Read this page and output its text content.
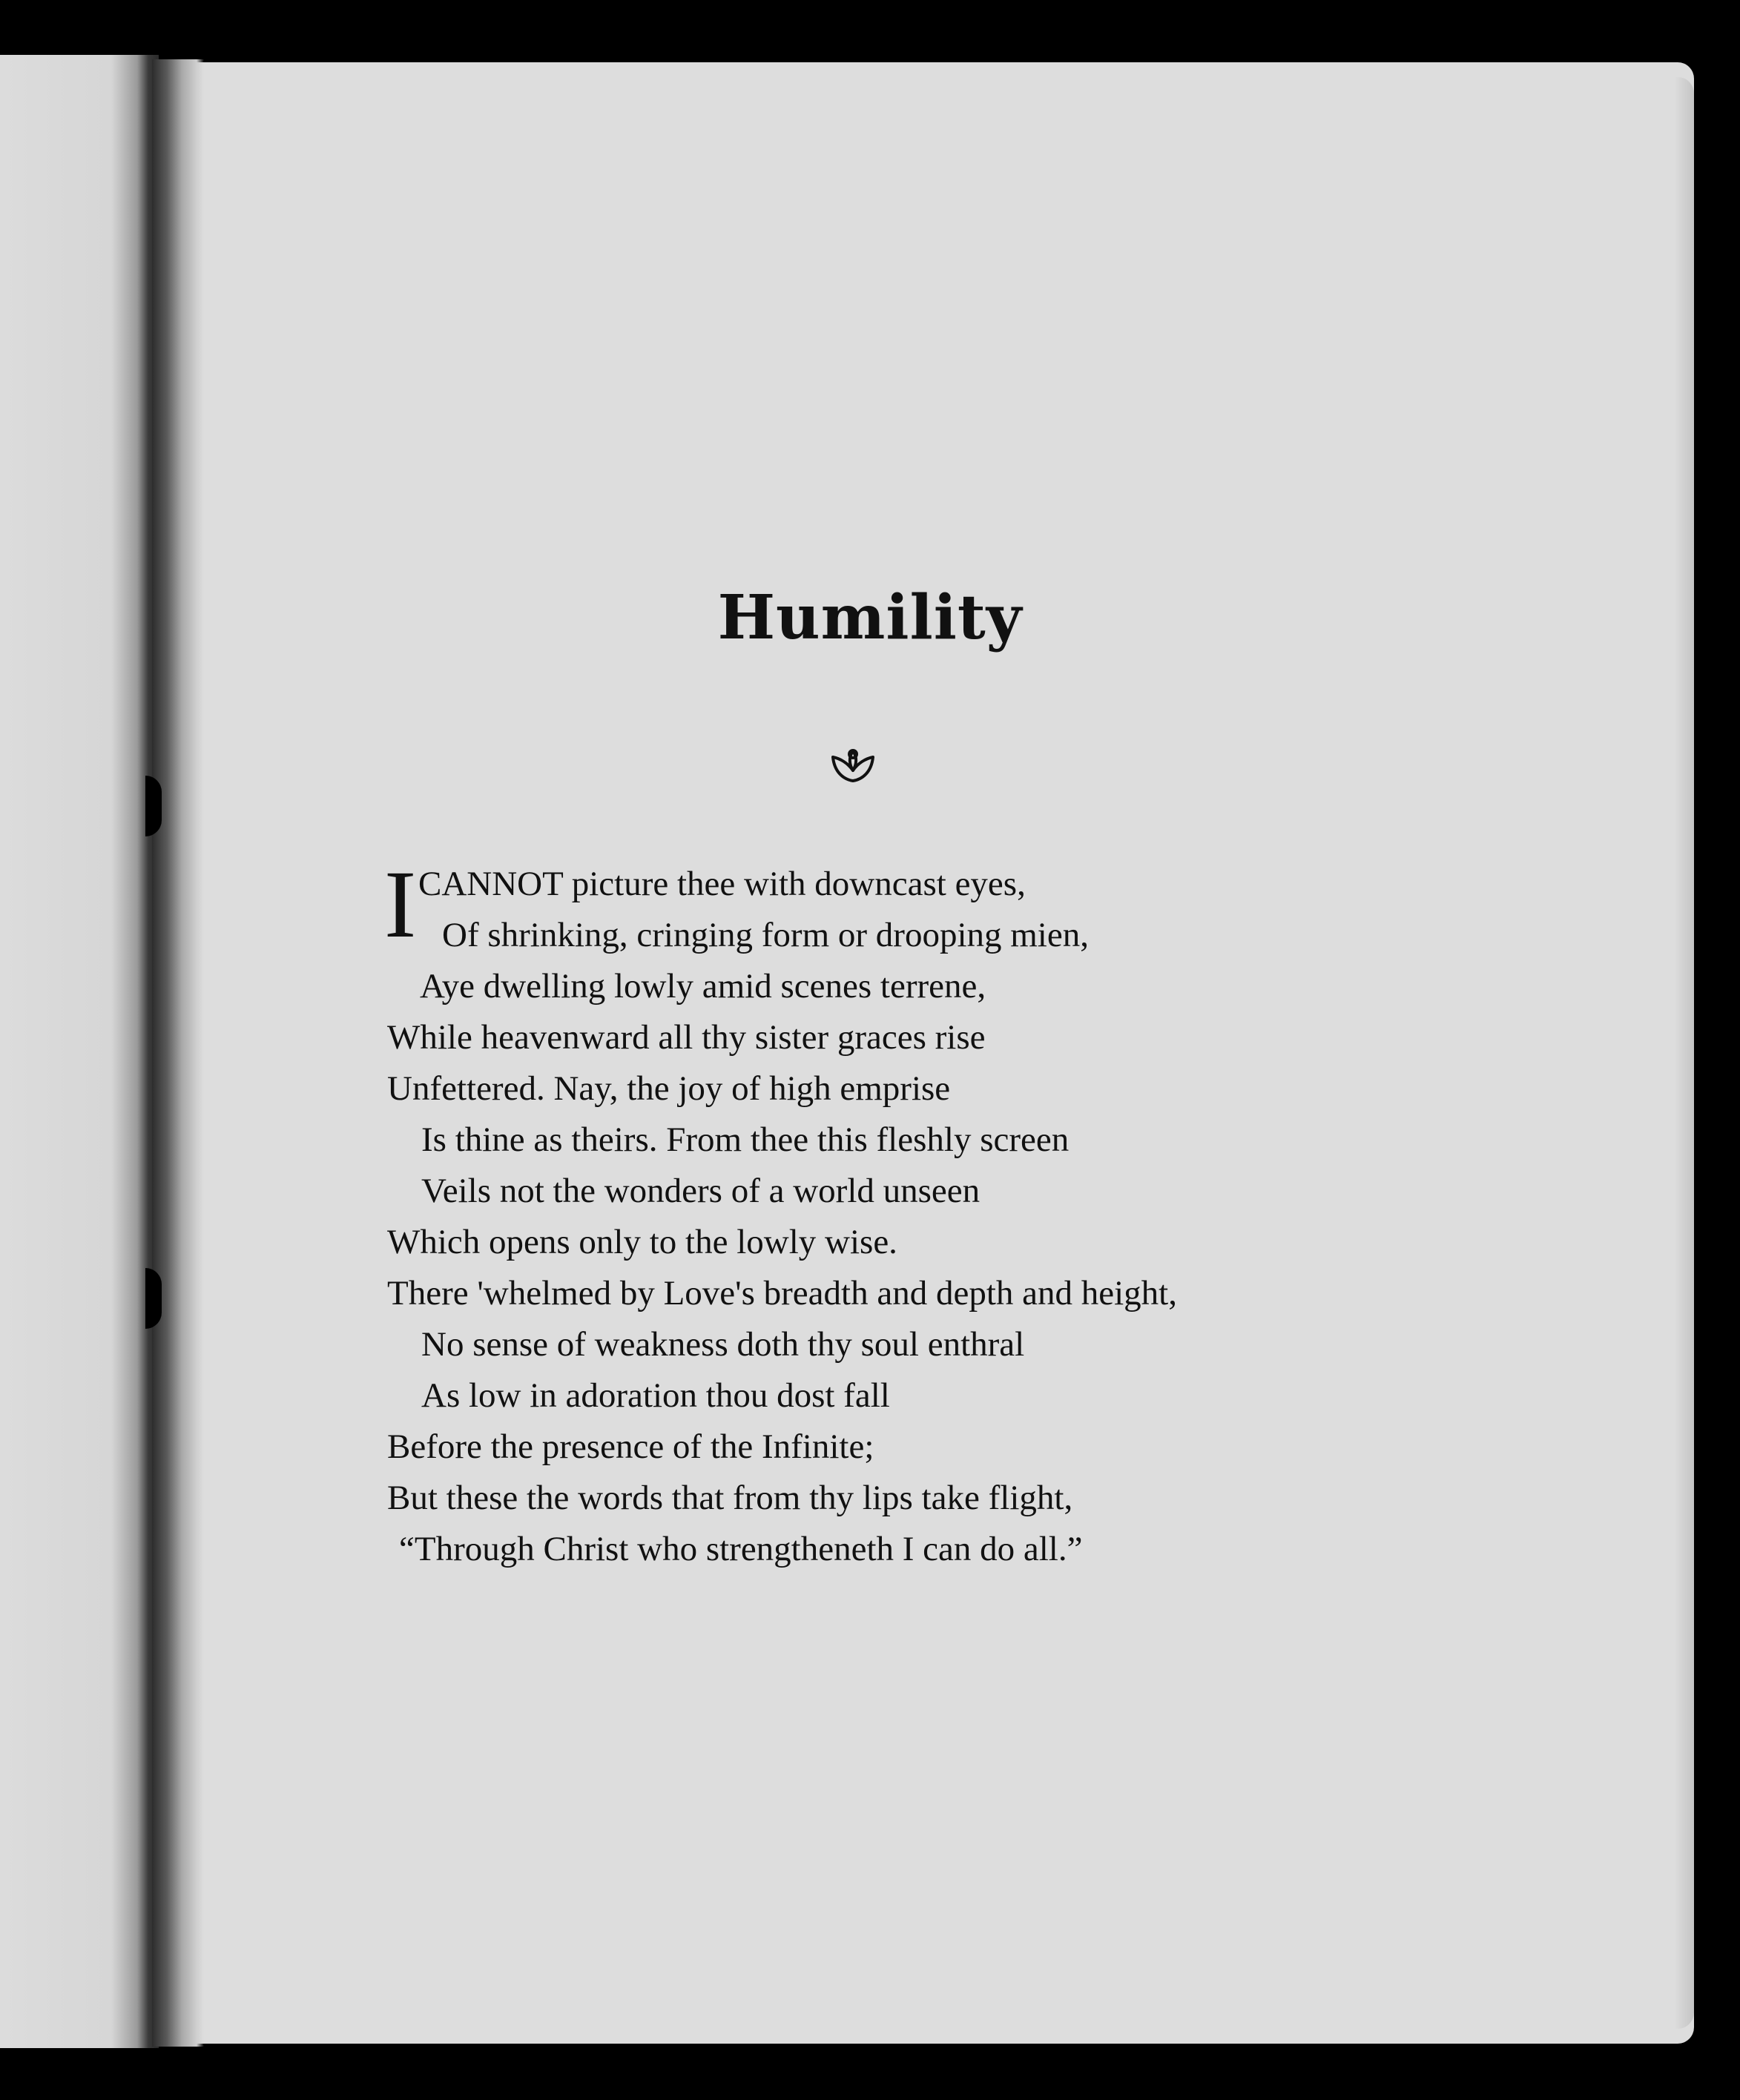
Humility
I CANNOT picture thee with downcast eyes,
Of shrinking, cringing form or drooping mien,
Aye dwelling lowly amid scenes terrene,
While heavenward all thy sister graces rise
Unfettered. Nay, the joy of high emprise
Is thine as theirs. From thee this fleshly screen
Veils not the wonders of a world unseen
Which opens only to the lowly wise.
There 'whelmed by Love's breadth and depth and height,
No sense of weakness doth thy soul enthral
As low in adoration thou dost fall
Before the presence of the Infinite;
But these the words that from thy lips take flight,
“Through Christ who strengtheneth I can do all.”
